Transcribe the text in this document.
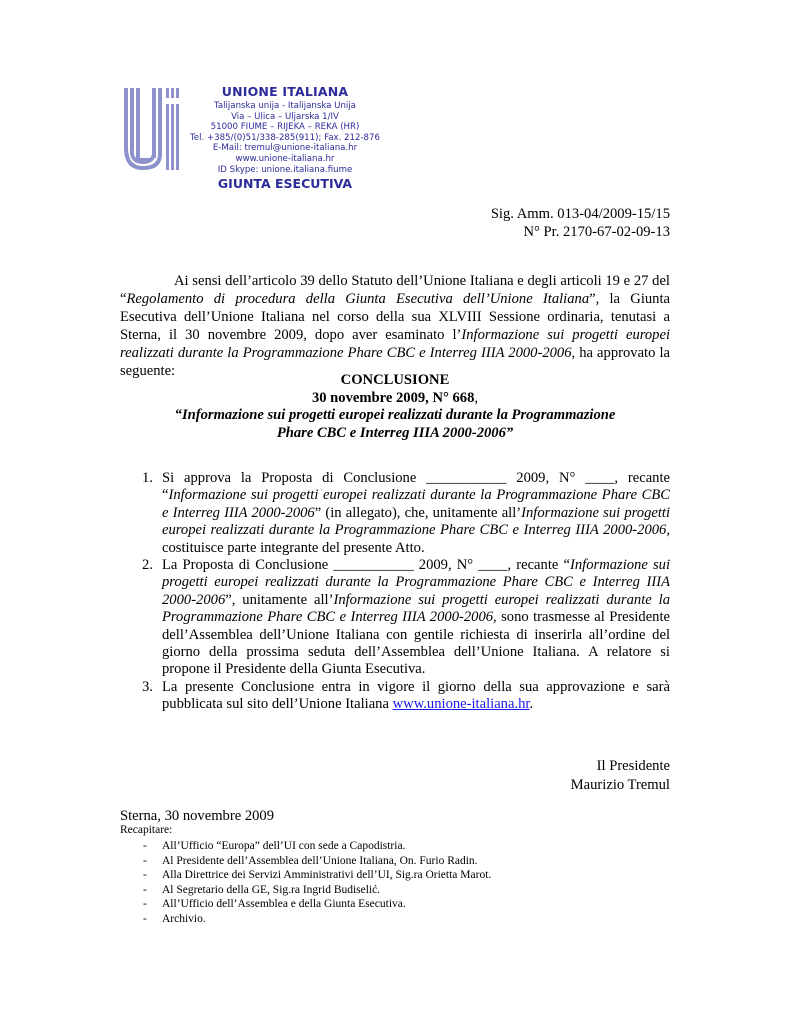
UNIONE ITALIANA
Talijanska unija - Italijanska Unija
Via – Ulica – Uljarska 1/IV
51000 FIUME – RIJEKA – REKA (HR)
Tel. +385/(0)51/338-285(911); Fax. 212-876
E-Mail: tremul@unione-italiana.hr
www.unione-italiana.hr
ID Skype: unione.italiana.fiume
GIUNTA ESECUTIVA
Sig. Amm. 013-04/2009-15/15
N° Pr. 2170-67-02-09-13
Ai sensi dell’articolo 39 dello Statuto dell’Unione Italiana e degli articoli 19 e 27 del “Regolamento di procedura della Giunta Esecutiva dell’Unione Italiana”, la Giunta Esecutiva dell’Unione Italiana nel corso della sua XLVIII Sessione ordinaria, tenutasi a Sterna, il 30 novembre 2009, dopo aver esaminato l’Informazione sui progetti europei realizzati durante la Programmazione Phare CBC e Interreg IIIA 2000-2006, ha approvato la seguente:
CONCLUSIONE
30 novembre 2009, N° 668,
“Informazione sui progetti europei realizzati durante la Programmazione
Phare CBC e Interreg IIIA 2000-2006”
1. Si approva la Proposta di Conclusione ___________ 2009, N° ____, recante “Informazione sui progetti europei realizzati durante la Programmazione Phare CBC e Interreg IIIA 2000-2006” (in allegato), che, unitamente all’Informazione sui progetti europei realizzati durante la Programmazione Phare CBC e Interreg IIIA 2000-2006, costituisce parte integrante del presente Atto.
2. La Proposta di Conclusione ___________ 2009, N° ____, recante “Informazione sui progetti europei realizzati durante la Programmazione Phare CBC e Interreg IIIA 2000-2006”, unitamente all’Informazione sui progetti europei realizzati durante la Programmazione Phare CBC e Interreg IIIA 2000-2006, sono trasmesse al Presidente dell’Assemblea dell’Unione Italiana con gentile richiesta di inserirla all’ordine del giorno della prossima seduta dell’Assemblea dell’Unione Italiana. A relatore si propone il Presidente della Giunta Esecutiva.
3. La presente Conclusione entra in vigore il giorno della sua approvazione e sarà pubblicata sul sito dell’Unione Italiana www.unione-italiana.hr.
Il Presidente
Maurizio Tremul
Sterna, 30 novembre 2009
Recapitare:
- All’Ufficio “Europa” dell’UI con sede a Capodistria.
- Al Presidente dell’Assemblea dell’Unione Italiana, On. Furio Radin.
- Alla Direttrice dei Servizi Amministrativi dell’UI, Sig.ra Orietta Marot.
- Al Segretario della GE, Sig.ra Ingrid Budiselić.
- All’Ufficio dell’Assemblea e della Giunta Esecutiva.
- Archivio.
